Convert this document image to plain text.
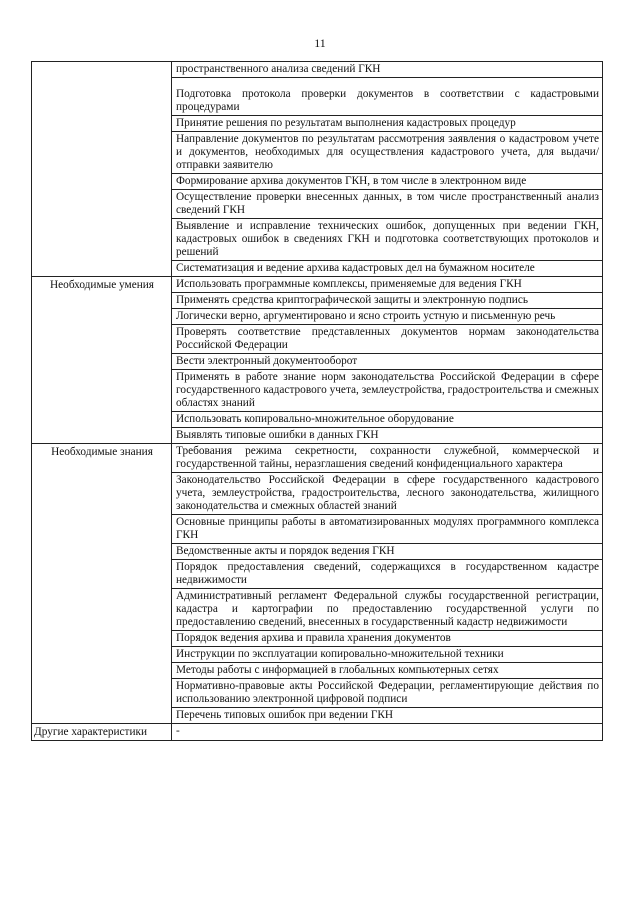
11
	пространственного анализа сведений ГКН
	Подготовка протокола проверки документов в соответствии с кадастровыми процедурами
	Принятие решения по результатам выполнения кадастровых процедур
	Направление документов по результатам рассмотрения заявления о кадастровом учете и документов, необходимых для осуществления кадастрового учета, для выдачи/отправки заявителю
	Формирование архива документов ГКН, в том числе в электронном виде
	Осуществление проверки внесенных данных, в том числе пространственный анализ сведений ГКН
	Выявление и исправление технических ошибок, допущенных при ведении ГКН, кадастровых ошибок в сведениях ГКН и подготовка соответствующих протоколов и решений
	Систематизация и ведение архива кадастровых дел на бумажном носителе
Необходимые умения	Использовать программные комплексы, применяемые для ведения ГКН
	Применять средства криптографической защиты и электронную подпись
	Логически верно, аргументировано и ясно строить устную и письменную речь
	Проверять соответствие представленных документов нормам законодательства Российской Федерации
	Вести электронный документооборот
	Применять в работе знание норм законодательства Российской Федерации в сфере государственного кадастрового учета, землеустройства, градостроительства и смежных областях знаний
	Использовать копировально-множительное оборудование
	Выявлять типовые ошибки в данных ГКН
Необходимые знания	Требования режима секретности, сохранности служебной, коммерческой и государственной тайны, неразглашения сведений конфиденциального характера
	Законодательство Российской Федерации в сфере государственного кадастрового учета, землеустройства, градостроительства, лесного законодательства, жилищного законодательства и смежных областей знаний
	Основные принципы работы в автоматизированных модулях программного комплекса ГКН
	Ведомственные акты и порядок ведения ГКН
	Порядок предоставления сведений, содержащихся в государственном кадастре недвижимости
	Административный регламент Федеральной службы государственной регистрации, кадастра и картографии по предоставлению государственной услуги по предоставлению сведений, внесенных в государственный кадастр недвижимости
	Порядок ведения архива и правила хранения документов
	Инструкции по эксплуатации копировально-множительной техники
	Методы работы с информацией в глобальных компьютерных сетях
	Нормативно-правовые акты Российской Федерации, регламентирующие действия по использованию электронной цифровой подписи
	Перечень типовых ошибок при ведении ГКН
Другие характеристики	-
